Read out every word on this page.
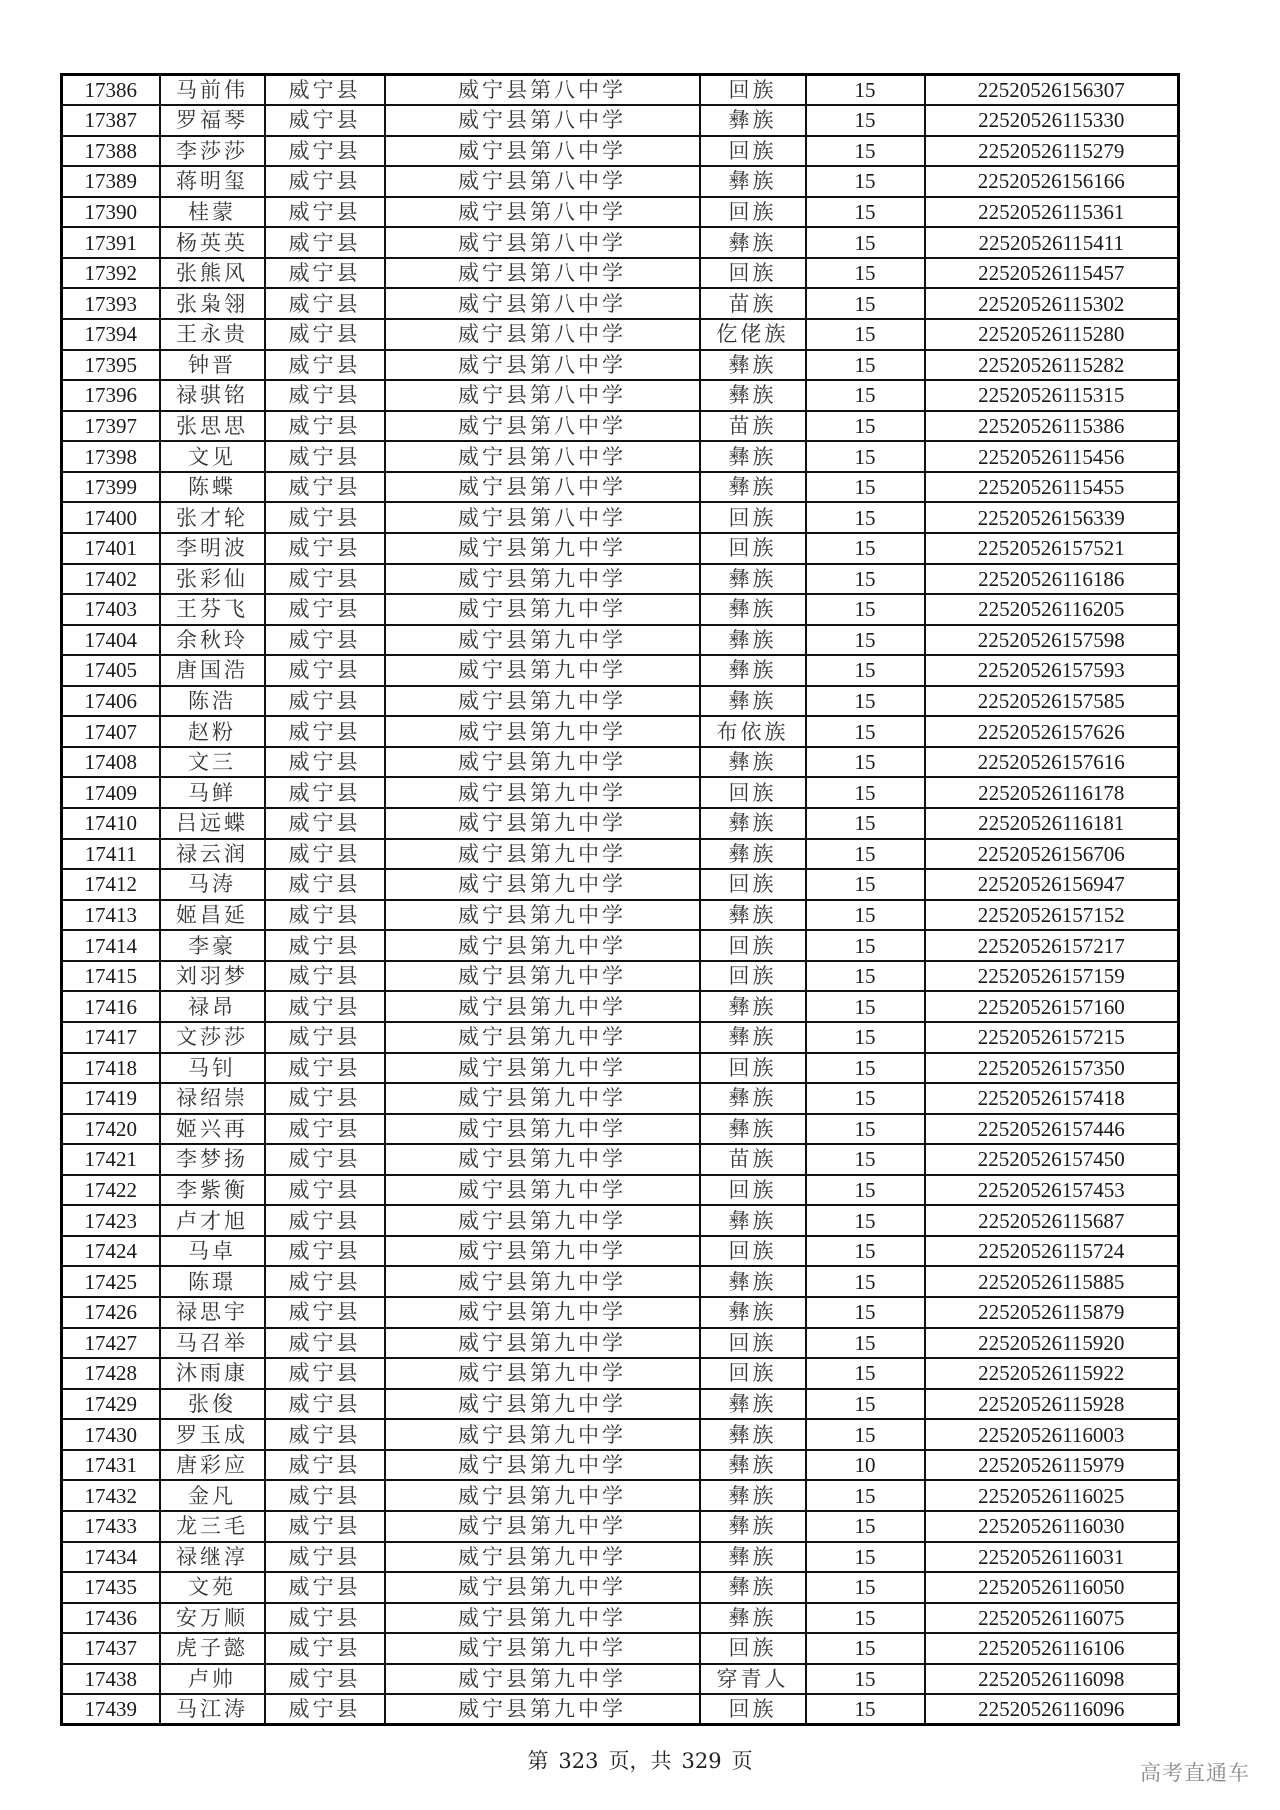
17386	马前伟	威宁县	威宁县第八中学	回族	15	22520526156307
17387	罗福琴	威宁县	威宁县第八中学	彝族	15	22520526115330
17388	李莎莎	威宁县	威宁县第八中学	回族	15	22520526115279
17389	蒋明玺	威宁县	威宁县第八中学	彝族	15	22520526156166
17390	桂蒙	威宁县	威宁县第八中学	回族	15	22520526115361
17391	杨英英	威宁县	威宁县第八中学	彝族	15	22520526115411
17392	张熊风	威宁县	威宁县第八中学	回族	15	22520526115457
17393	张枭翎	威宁县	威宁县第八中学	苗族	15	22520526115302
17394	王永贵	威宁县	威宁县第八中学	仡佬族	15	22520526115280
17395	钟晋	威宁县	威宁县第八中学	彝族	15	22520526115282
17396	禄骐铭	威宁县	威宁县第八中学	彝族	15	22520526115315
17397	张思思	威宁县	威宁县第八中学	苗族	15	22520526115386
17398	文见	威宁县	威宁县第八中学	彝族	15	22520526115456
17399	陈蝶	威宁县	威宁县第八中学	彝族	15	22520526115455
17400	张才轮	威宁县	威宁县第八中学	回族	15	22520526156339
17401	李明波	威宁县	威宁县第九中学	回族	15	22520526157521
17402	张彩仙	威宁县	威宁县第九中学	彝族	15	22520526116186
17403	王芬飞	威宁县	威宁县第九中学	彝族	15	22520526116205
17404	余秋玲	威宁县	威宁县第九中学	彝族	15	22520526157598
17405	唐国浩	威宁县	威宁县第九中学	彝族	15	22520526157593
17406	陈浩	威宁县	威宁县第九中学	彝族	15	22520526157585
17407	赵粉	威宁县	威宁县第九中学	布依族	15	22520526157626
17408	文三	威宁县	威宁县第九中学	彝族	15	22520526157616
17409	马鲜	威宁县	威宁县第九中学	回族	15	22520526116178
17410	吕远蝶	威宁县	威宁县第九中学	彝族	15	22520526116181
17411	禄云润	威宁县	威宁县第九中学	彝族	15	22520526156706
17412	马涛	威宁县	威宁县第九中学	回族	15	22520526156947
17413	姬昌延	威宁县	威宁县第九中学	彝族	15	22520526157152
17414	李豪	威宁县	威宁县第九中学	回族	15	22520526157217
17415	刘羽梦	威宁县	威宁县第九中学	回族	15	22520526157159
17416	禄昂	威宁县	威宁县第九中学	彝族	15	22520526157160
17417	文莎莎	威宁县	威宁县第九中学	彝族	15	22520526157215
17418	马钊	威宁县	威宁县第九中学	回族	15	22520526157350
17419	禄绍崇	威宁县	威宁县第九中学	彝族	15	22520526157418
17420	姬兴再	威宁县	威宁县第九中学	彝族	15	22520526157446
17421	李梦扬	威宁县	威宁县第九中学	苗族	15	22520526157450
17422	李紫衡	威宁县	威宁县第九中学	回族	15	22520526157453
17423	卢才旭	威宁县	威宁县第九中学	彝族	15	22520526115687
17424	马卓	威宁县	威宁县第九中学	回族	15	22520526115724
17425	陈璟	威宁县	威宁县第九中学	彝族	15	22520526115885
17426	禄思宇	威宁县	威宁县第九中学	彝族	15	22520526115879
17427	马召举	威宁县	威宁县第九中学	回族	15	22520526115920
17428	沐雨康	威宁县	威宁县第九中学	回族	15	22520526115922
17429	张俊	威宁县	威宁县第九中学	彝族	15	22520526115928
17430	罗玉成	威宁县	威宁县第九中学	彝族	15	22520526116003
17431	唐彩应	威宁县	威宁县第九中学	彝族	10	22520526115979
17432	金凡	威宁县	威宁县第九中学	彝族	15	22520526116025
17433	龙三毛	威宁县	威宁县第九中学	彝族	15	22520526116030
17434	禄继淳	威宁县	威宁县第九中学	彝族	15	22520526116031
17435	文苑	威宁县	威宁县第九中学	彝族	15	22520526116050
17436	安万顺	威宁县	威宁县第九中学	彝族	15	22520526116075
17437	虎子懿	威宁县	威宁县第九中学	回族	15	22520526116106
17438	卢帅	威宁县	威宁县第九中学	穿青人	15	22520526116098
17439	马江涛	威宁县	威宁县第九中学	回族	15	22520526116096
第 323 页，共 329 页	高考直通车
